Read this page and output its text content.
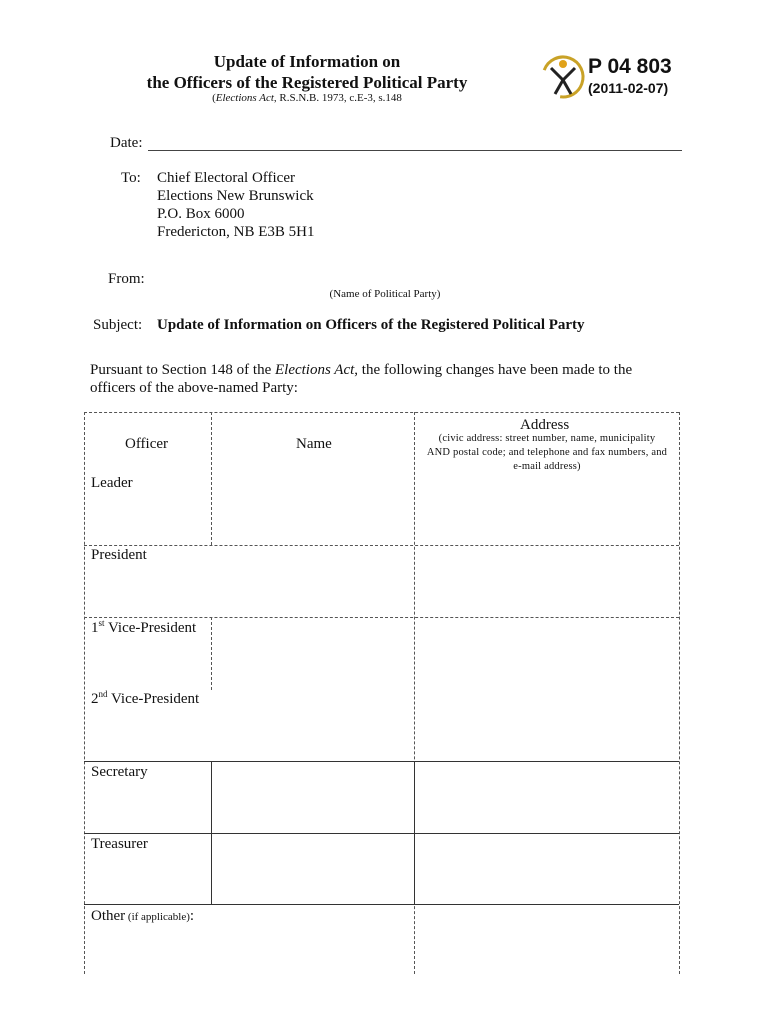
Update of Information on
the Officers of the Registered Political Party
(Elections Act, R.S.N.B. 1973, c.E-3, s.148
P 04 803
(2011-02-07)
Date:
To: Chief Electoral Officer
Elections New Brunswick
P.O. Box 6000
Fredericton, NB E3B 5H1
From:
(Name of Political Party)
Subject: Update of Information on Officers of the Registered Political Party
Pursuant to Section 148 of the Elections Act, the following changes have been made to the
officers of the above-named Party:
Officer	Name
Address
(civic address: street number, name, municipality
AND postal code; and telephone and fax numbers, and
e-mail address)
Leader
President
1st Vice-President
2nd Vice-President
Secretary
Treasurer
Other (if applicable):
